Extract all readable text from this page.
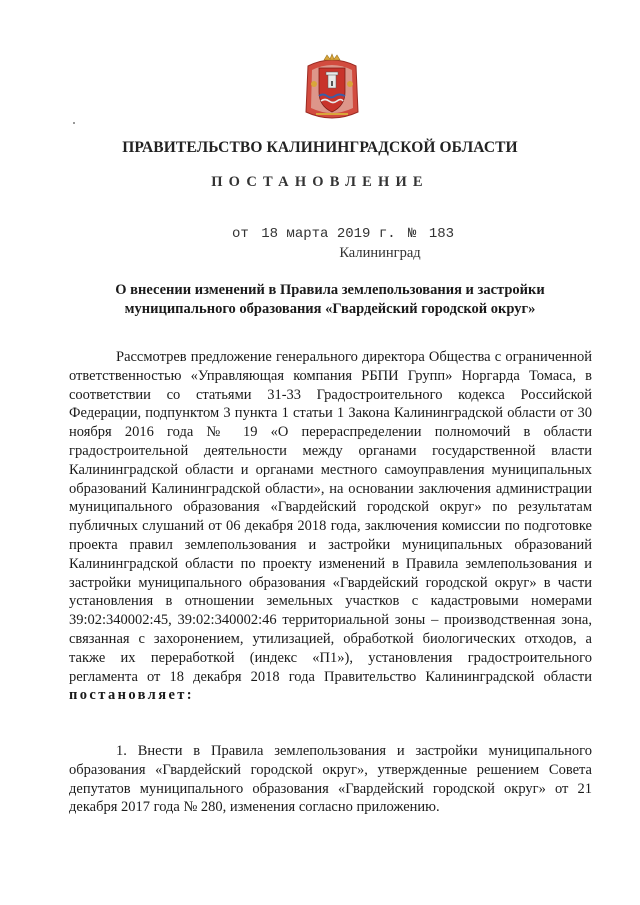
ПРАВИТЕЛЬСТВО КАЛИНИНГРАДСКОЙ ОБЛАСТИ
ПОСТАНОВЛЕНИЕ
от 18 марта 2019 г. № 183
Калининград
О внесении изменений в Правила землепользования и застройки
муниципального образования «Гвардейский городской округ»
Рассмотрев предложение генерального директора Общества с ограниченной ответственностью «Управляющая компания РБПИ Групп» Норгарда Томаса, в соответствии со статьями 31-33 Градостроительного кодекса Российской Федерации, подпунктом 3 пункта 1 статьи 1 Закона Калининградской области от 30 ноября 2016 года № 19 «О перераспределении полномочий в области градостроительной деятельности между органами государственной власти Калининградской области и органами местного самоуправления муниципальных образований Калининградской области», на основании заключения администрации муниципального образования «Гвардейский городской округ» по результатам публичных слушаний от 06 декабря 2018 года, заключения комиссии по подготовке проекта правил землепользования и застройки муниципальных образований Калининградской области по проекту изменений в Правила землепользования и застройки муниципального образования «Гвардейский городской округ» в части установления в отношении земельных участков с кадастровыми номерами 39:02:340002:45, 39:02:340002:46 территориальной зоны – производственная зона, связанная с захоронением, утилизацией, обработкой биологических отходов, а также их переработкой (индекс «П1»), установления градостроительного регламента от 18 декабря 2018 года Правительство Калининградской области постановляет:
1. Внести в Правила землепользования и застройки муниципального образования «Гвардейский городской округ», утвержденные решением Совета депутатов муниципального образования «Гвардейский городской округ» от 21 декабря 2017 года № 280, изменения согласно приложению.
